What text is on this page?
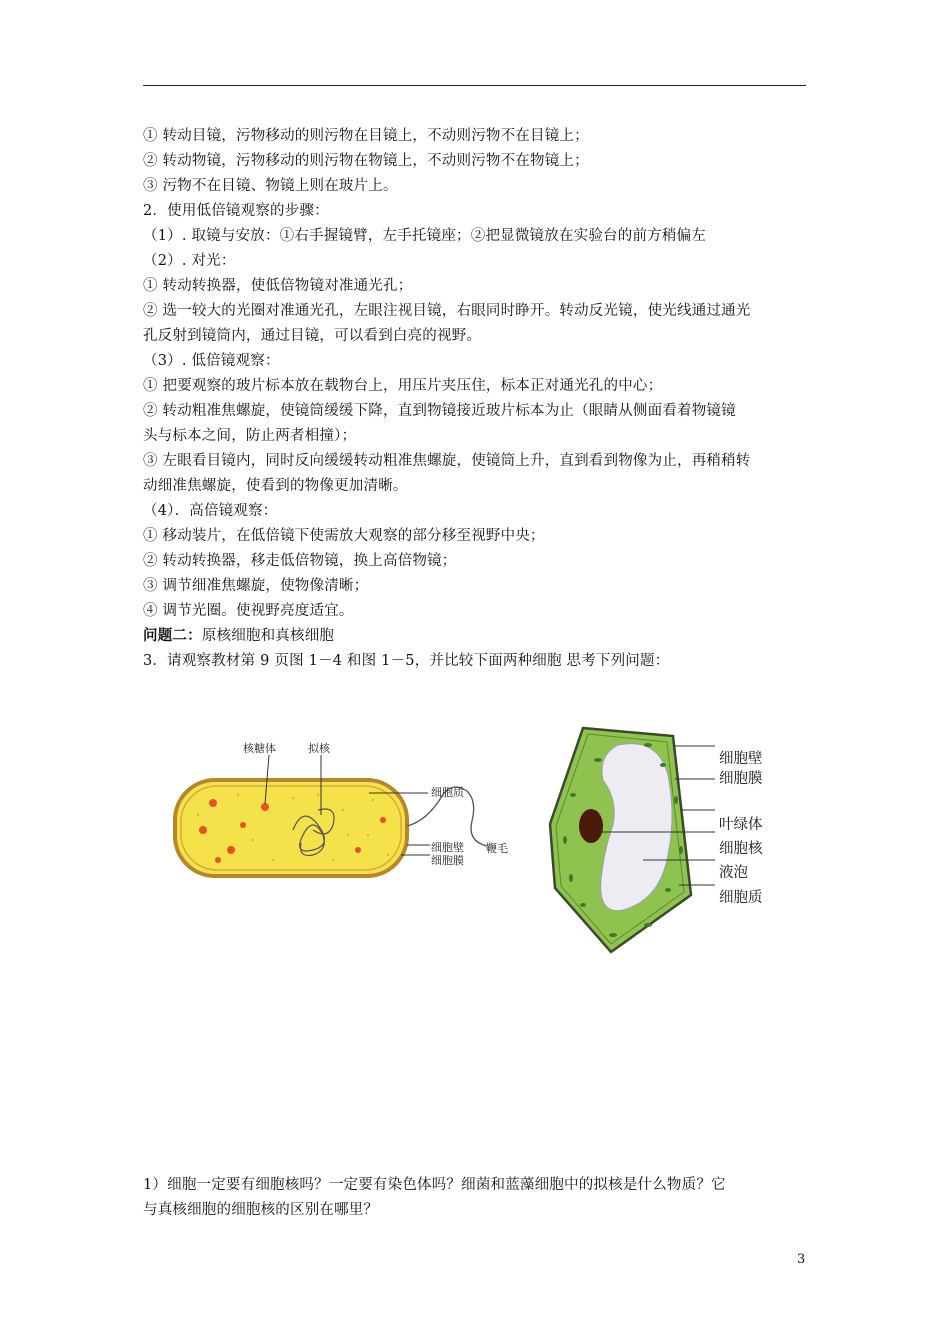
① 转动目镜，污物移动的则污物在目镜上，不动则污物不在目镜上；
② 转动物镜，污物移动的则污物在物镜上，不动则污物不在物镜上；
③ 污物不在目镜、物镜上则在玻片上。
2．使用低倍镜观察的步骤：
（1）. 取镜与安放：①右手握镜臂，左手托镜座；②把显微镜放在实验台的前方稍偏左
（2）. 对光：
① 转动转换器，使低倍物镜对准通光孔；
② 选一较大的光圈对准通光孔，左眼注视目镜，右眼同时睁开。转动反光镜，使光线通过通光
孔反射到镜筒内，通过目镜，可以看到白亮的视野。
（3）. 低倍镜观察：
① 把要观察的玻片标本放在载物台上，用压片夹压住，标本正对通光孔的中心；
② 转动粗准焦螺旋，使镜筒缓缓下降，直到物镜接近玻片标本为止（眼睛从侧面看着物镜镜
头与标本之间，防止两者相撞）；
③ 左眼看目镜内，同时反向缓缓转动粗准焦螺旋，使镜筒上升，直到看到物像为止，再稍稍转
动细准焦螺旋，使看到的物像更加清晰。
（4）．高倍镜观察：
① 移动装片，在低倍镜下使需放大观察的部分移至视野中央；
② 转动转换器，移走低倍物镜，换上高倍物镜；
③ 调节细准焦螺旋，使物像清晰；
④ 调节光圈。使视野亮度适宜。
问题二：原核细胞和真核细胞
3．请观察教材第 9 页图 1－4 和图 1－5，并比较下面两种细胞 思考下列问题：
核糖体	拟核
细胞质
鞭毛
细胞壁
细胞膜
细胞壁
细胞膜
叶绿体
细胞核
液泡
细胞质
1）细胞一定要有细胞核吗？一定要有染色体吗？细菌和蓝藻细胞中的拟核是什么物质？它
与真核细胞的细胞核的区别在哪里？
3
